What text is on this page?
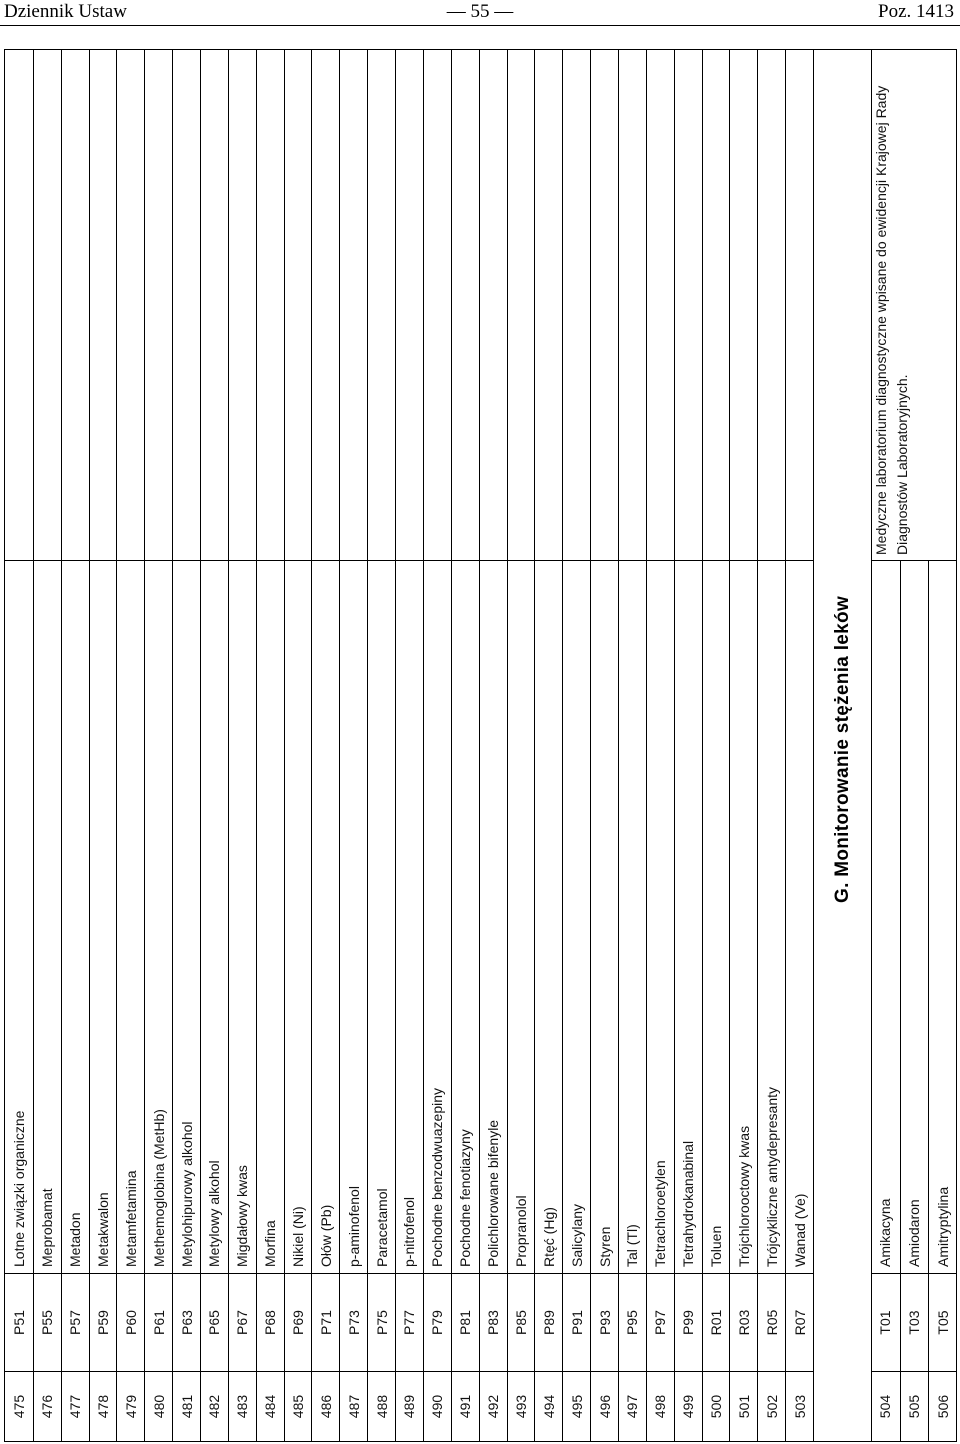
Dziennik Ustaw	— 55 —	Poz. 1413
475
P51
Lotne związki organiczne
476
P55
Meprobamat
477
P57
Metadon
478
P59
Metakwalon
479
P60
Metamfetamina
480
P61
Methemoglobina (MetHb)
481
P63
Metylohipurowy alkohol
482
P65
Metylowy alkohol
483
P67
Migdałowy kwas
484
P68
Morfina
485
P69
Nikiel (Ni)
486
P71
Ołów (Pb)
487
P73
p-aminofenol
488
P75
Paracetamol
489
P77
p-nitrofenol
490
P79
Pochodne benzodwuazepiny
491
P81
Pochodne fenotiazyny
492
P83
Polichlorowane bifenyle
493
P85
Propranolol
494
P89
Rtęć (Hg)
495
P91
Salicylany
496
P93
Styren
497
P95
Tal (Tl)
498
P97
Tetrachloroetylen
499
P99
Tetrahydrokanabinal
500
R01
Toluen
501
R03
Trójchlorooctowy kwas
502
R05
Trójcykliczne antydepresanty
503
R07
Wanad (Ve)
G. Monitorowanie stężenia leków
Medyczne laboratorium diagnostyczne wpisane do ewidencji Krajowej Rady Diagnostów Laboratoryjnych.
504
T01
Amikacyna
505
T03
Amiodaron
506
T05
Amitryptylina
